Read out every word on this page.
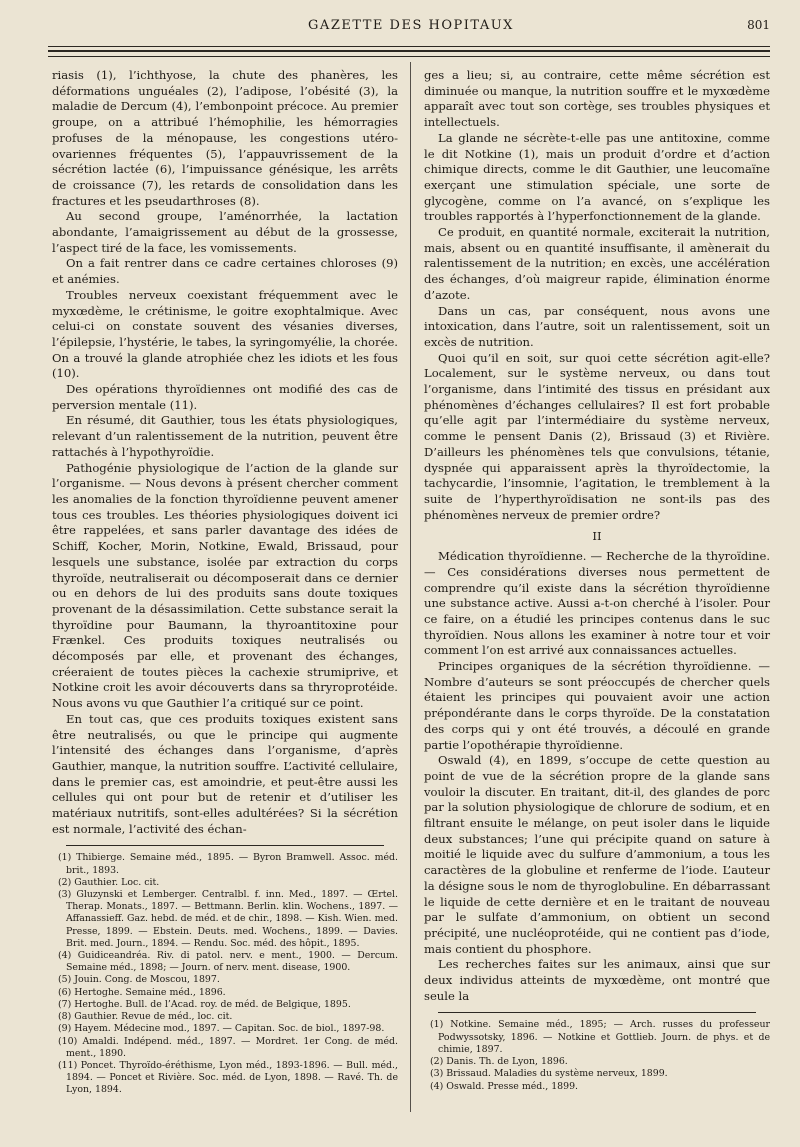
GAZETTE DES HOPITAUX	801

riasis (1), l’ichthyose, la chute des phanères, les déformations unguéales (2), l’adipose, l’obésité (3), la maladie de Dercum (4), l’embonpoint précoce. Au premier groupe, on a attribué l’hémophilie, les hémorragies profuses de la ménopause, les congestions utéro-ovariennes fréquentes (5), l’appauvrissement de la sécrétion lactée (6), l’impuissance génésique, les arrêts de croissance (7), les retards de consolidation dans les fractures et les pseudarthroses (8).

Au second groupe, l’aménorrhée, la lactation abondante, l’amaigrissement au début de la grossesse, l’aspect tiré de la face, les vomissements.

On a fait rentrer dans ce cadre certaines chloroses (9) et anémies.

Troubles nerveux coexistant fréquemment avec le myxœdème, le crétinisme, le goitre exophtalmique. Avec celui-ci on constate souvent des vésanies diverses, l’épilepsie, l’hystérie, le tabes, la syringomyélie, la chorée. On a trouvé la glande atrophiée chez les idiots et les fous (10).

Des opérations thyroïdiennes ont modifié des cas de perversion mentale (11).

En résumé, dit Gauthier, tous les états physiologiques, relevant d’un ralentissement de la nutrition, peuvent être rattachés à l’hypothyroïdie.

Pathogénie physiologique de l’action de la glande sur l’organisme. — Nous devons à présent chercher comment les anomalies de la fonction thyroïdienne peuvent amener tous ces troubles. Les théories physiologiques doivent ici être rappelées, et sans parler davantage des idées de Schiff, Kocher, Morin, Notkine, Ewald, Brissaud, pour lesquels une substance, isolée par extraction du corps thyroïde, neutraliserait ou décomposerait dans ce dernier ou en dehors de lui des produits sans doute toxiques provenant de la désassimilation. Cette substance serait la thyroïdine pour Baumann, la thyroantitoxine pour Frænkel. Ces produits toxiques neutralisés ou décomposés par elle, et provenant des échanges, créeraient de toutes pièces la cachexie strumiprive, et Notkine croit les avoir découverts dans sa thryroprotéide. Nous avons vu que Gauthier l’a critiqué sur ce point.

En tout cas, que ces produits toxiques existent sans être neutralisés, ou que le principe qui augmente l’intensité des échanges dans l’organisme, d’après Gauthier, manque, la nutrition souffre. L’activité cellulaire, dans le premier cas, est amoindrie, et peut-être aussi les cellules qui ont pour but de retenir et d’utiliser les matériaux nutritifs, sont-elles adultérées? Si la sécrétion est normale, l’activité des échan-

(1) Thibierge. Semaine méd., 1895. — Byron Bramwell. Assoc. méd. brit., 1893.

(2) Gauthier. Loc. cit.

(3) Gluzynski et Lemberger. Centralbl. f. inn. Med., 1897. — Œrtel. Therap. Monats., 1897. — Bettmann. Berlin. klin. Wochens., 1897. — Affanassieff. Gaz. hebd. de méd. et de chir., 1898. — Kish. Wien. med. Presse, 1899. — Ebstein. Deuts. med. Wochens., 1899. — Davies. Brit. med. Journ., 1894. — Rendu. Soc. méd. des hôpit., 1895.

(4) Guidiceandréa. Riv. di patol. nerv. e ment., 1900. — Dercum. Semaine méd., 1898; — Journ. of nerv. ment. disease, 1900.

(5) Jouin. Cong. de Moscou, 1897.

(6) Hertoghe. Semaine méd., 1896.

(7) Hertoghe. Bull. de l’Acad. roy. de méd. de Belgique, 1895.

(8) Gauthier. Revue de méd., loc. cit.

(9) Hayem. Médecine mod., 1897. — Capitan. Soc. de biol., 1897-98.

(10) Amaldi. Indépend. méd., 1897. — Mordret. 1er Cong. de méd. ment., 1890.

(11) Poncet. Thyroïdo-éréthisme, Lyon méd., 1893-1896. — Bull. méd., 1894. — Poncet et Rivière. Soc. méd. de Lyon, 1898. — Ravé. Th. de Lyon, 1894.

ges a lieu; si, au contraire, cette même sécrétion est diminuée ou manque, la nutrition souffre et le myxœdème apparaît avec tout son cortège, ses troubles physiques et intellectuels.

La glande ne sécrète-t-elle pas une antitoxine, comme le dit Notkine (1), mais un produit d’ordre et d’action chimique directs, comme le dit Gauthier, une leucomaïne exerçant une stimulation spéciale, une sorte de glycogène, comme on l’a avancé, on s’explique les troubles rapportés à l’hyperfonctionnement de la glande.

Ce produit, en quantité normale, exciterait la nutrition, mais, absent ou en quantité insuffisante, il amènerait du ralentissement de la nutrition; en excès, une accélération des échanges, d’où maigreur rapide, élimination énorme d’azote.

Dans un cas, par conséquent, nous avons une intoxication, dans l’autre, soit un ralentissement, soit un excès de nutrition.

Quoi qu’il en soit, sur quoi cette sécrétion agit-elle? Localement, sur le système nerveux, ou dans tout l’organisme, dans l’intimité des tissus en présidant aux phénomènes d’échanges cellulaires? Il est fort probable qu’elle agit par l’intermédiaire du système nerveux, comme le pensent Danis (2), Brissaud (3) et Rivière. D’ailleurs les phénomènes tels que convulsions, tétanie, dyspnée qui apparaissent après la thyroïdectomie, la tachycardie, l’insomnie, l’agitation, le tremblement à la suite de l’hyperthyroïdisation ne sont-ils pas des phénomènes nerveux de premier ordre?

II

Médication thyroïdienne. — Recherche de la thyroïdine. — Ces considérations diverses nous permettent de comprendre qu’il existe dans la sécrétion thyroïdienne une substance active. Aussi a-t-on cherché à l’isoler. Pour ce faire, on a étudié les principes contenus dans le suc thyroïdien. Nous allons les examiner à notre tour et voir comment l’on est arrivé aux connaissances actuelles.

Principes organiques de la sécrétion thyroïdienne. — Nombre d’auteurs se sont préoccupés de chercher quels étaient les principes qui pouvaient avoir une action prépondérante dans le corps thyroïde. De la constatation des corps qui y ont été trouvés, a découlé en grande partie l’opothérapie thyroïdienne.

Oswald (4), en 1899, s’occupe de cette question au point de vue de la sécrétion propre de la glande sans vouloir la discuter. En traitant, dit-il, des glandes de porc par la solution physiologique de chlorure de sodium, et en filtrant ensuite le mélange, on peut isoler dans le liquide deux substances; l’une qui précipite quand on sature à moitié le liquide avec du sulfure d’ammonium, a tous les caractères de la globuline et renferme de l’iode. L’auteur la désigne sous le nom de thyroglobuline. En débarrassant le liquide de cette dernière et en le traitant de nouveau par le sulfate d’ammonium, on obtient un second précipité, une nucléoprotéide, qui ne contient pas d’iode, mais contient du phosphore.

Les recherches faites sur les animaux, ainsi que sur deux individus atteints de myxœdème, ont montré que seule la

(1) Notkine. Semaine méd., 1895; — Arch. russes du professeur Podwyssotsky, 1896. — Notkine et Gottlieb. Journ. de phys. et de chimie, 1897.

(2) Danis. Th. de Lyon, 1896.

(3) Brissaud. Maladies du système nerveux, 1899.

(4) Oswald. Presse méd., 1899.
